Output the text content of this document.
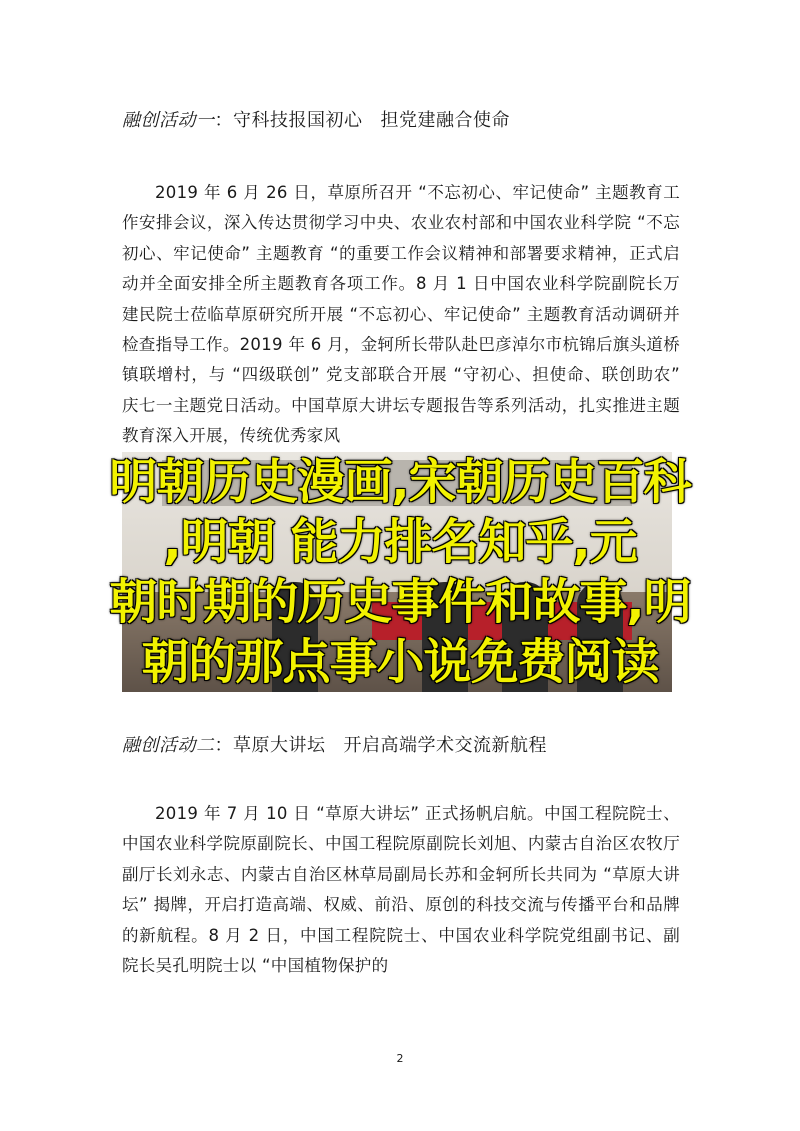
融创活动一：守科技报国初心 担党建融合使命
2019 年 6 月 26 日，草原所召开 “不忘初心、牢记使命” 主题教育工作安排会议，深入传达贯彻学习中央、农业农村部和中国农业科学院 “不忘初心、牢记使命” 主题教育 “的重要工作会议精神和部署要求精神，正式启动并全面安排全所主题教育各项工作。8 月 1 日中国农业科学院副院长万建民院士莅临草原研究所开展 “不忘初心、牢记使命” 主题教育活动调研并检查指导工作。2019 年 6 月，金轲所长带队赴巴彦淖尔市杭锦后旗头道桥镇联增村，与 “四级联创” 党支部联合开展 “守初心、担使命、联创助农” 庆七一主题党日活动。中国草原大讲坛专题报告等系列活动，扎实推进主题教育深入开展，传统优秀家风
明朝历史漫画,宋朝历史百科
,明朝 能力排名知乎,元
朝时期的历史事件和故事,明
朝的那点事小说免费阅读
融创活动二：草原大讲坛 开启高端学术交流新航程
2019 年 7 月 10 日 “草原大讲坛” 正式扬帆启航。中国工程院院士、中国农业科学院原副院长、中国工程院原副院长刘旭、内蒙古自治区农牧厅副厅长刘永志、内蒙古自治区林草局副局长苏和金轲所长共同为 “草原大讲坛” 揭牌，开启打造高端、权威、前沿、原创的科技交流与传播平台和品牌的新航程。8 月 2 日，中国工程院院士、中国农业科学院党组副书记、副院长吴孔明院士以 “中国植物保护的
2
